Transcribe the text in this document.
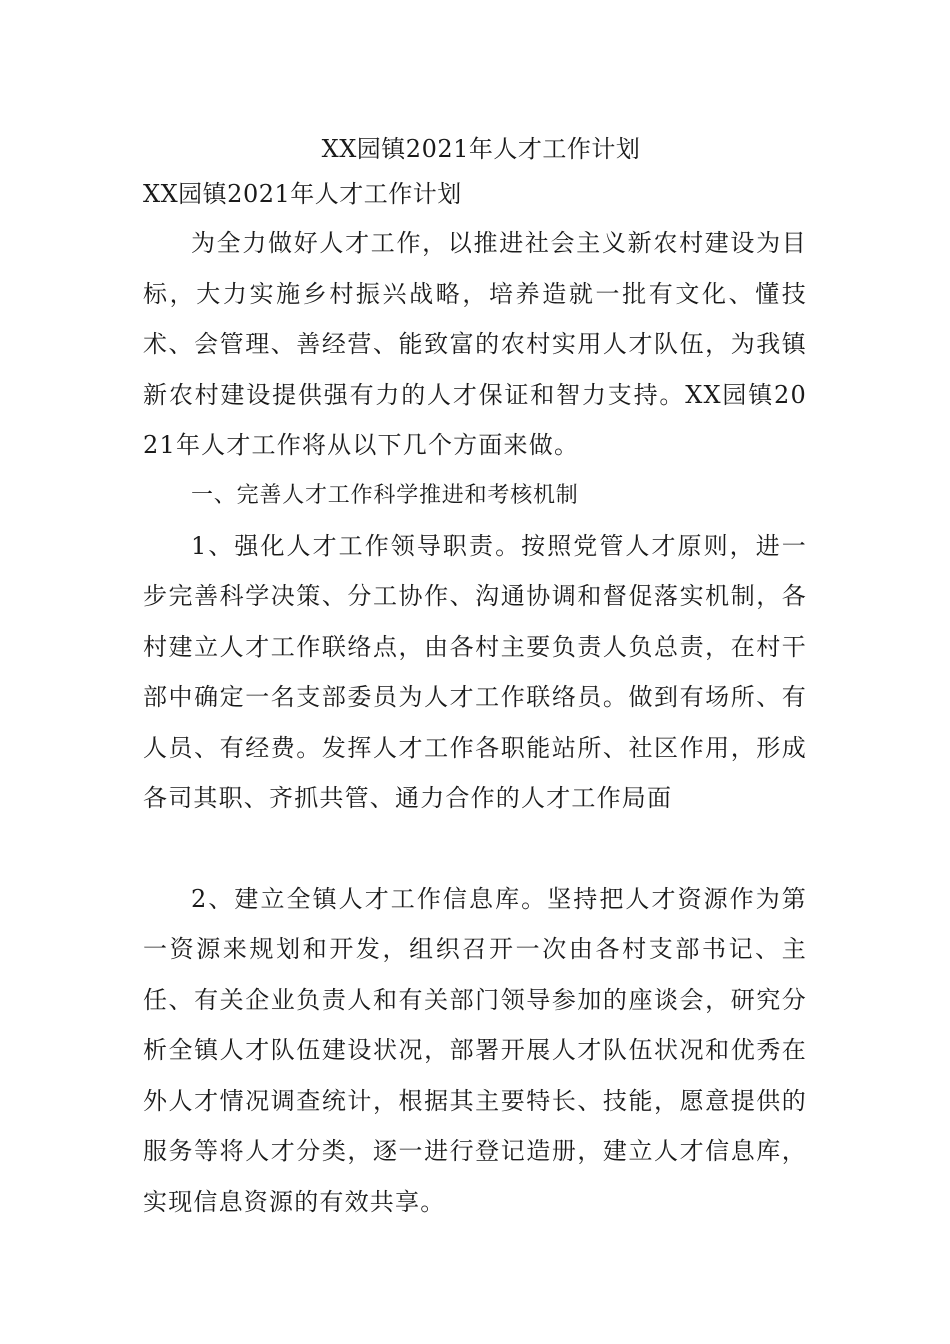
XX园镇2021年人才工作计划
XX园镇2021年人才工作计划

为全力做好人才工作，以推进社会主义新农村建设为目标，大力实施乡村振兴战略，培养造就一批有文化、懂技术、会管理、善经营、能致富的农村实用人才队伍，为我镇新农村建设提供强有力的人才保证和智力支持。XX园镇2021年人才工作将从以下几个方面来做。

一、完善人才工作科学推进和考核机制

1、强化人才工作领导职责。按照党管人才原则，进一步完善科学决策、分工协作、沟通协调和督促落实机制，各村建立人才工作联络点，由各村主要负责人负总责，在村干部中确定一名支部委员为人才工作联络员。做到有场所、有人员、有经费。发挥人才工作各职能站所、社区作用，形成各司其职、齐抓共管、通力合作的人才工作局面

2、建立全镇人才工作信息库。坚持把人才资源作为第一资源来规划和开发，组织召开一次由各村支部书记、主任、有关企业负责人和有关部门领导参加的座谈会，研究分析全镇人才队伍建设状况，部署开展人才队伍状况和优秀在外人才情况调查统计，根据其主要特长、技能，愿意提供的服务等将人才分类，逐一进行登记造册，建立人才信息库，实现信息资源的有效共享。
